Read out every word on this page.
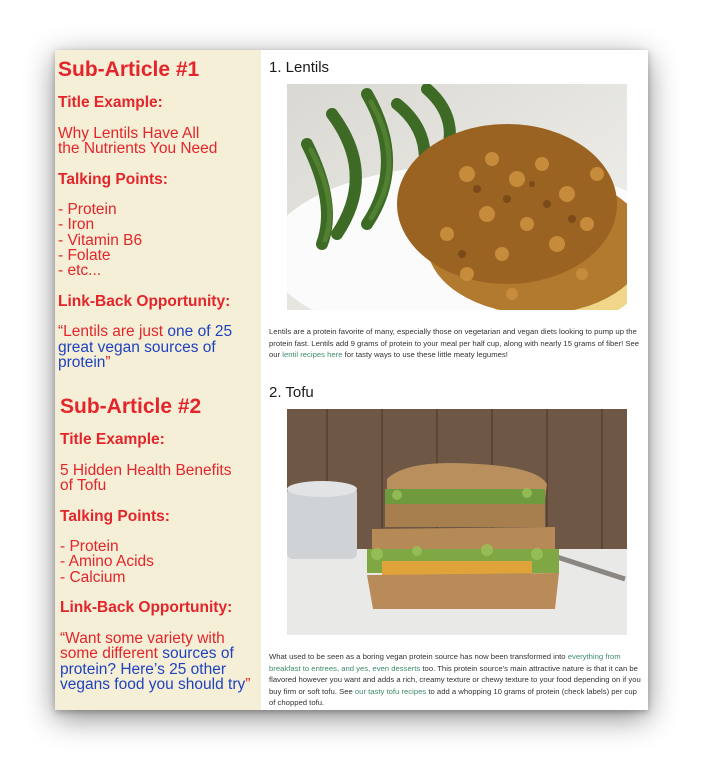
Sub-Article #1
Title Example:
Why Lentils Have All
the Nutrients You Need
Talking Points:
- Protein
- Iron
- Vitamin B6
- Folate
- etc...
Link-Back Opportunity:
“Lentils are just one of 25
great vegan sources of
protein”
Sub-Article #2
Title Example:
5 Hidden Health Benefits
of Tofu
Talking Points:
- Protein
- Amino Acids
- Calcium
Link-Back Opportunity:
“Want some variety with
some different sources of
protein? Here’s 25 other
vegans food you should try”
1. Lentils
Lentils are a protein favorite of many, especially those on vegetarian and vegan diets looking to pump up the protein fast. Lentils add 9 grams of protein to your meal per half cup, along with nearly 15 grams of fiber! See our lentil recipes here for tasty ways to use these little meaty legumes!
2. Tofu
What used to be seen as a boring vegan protein source has now been transformed into everything from breakfast to entrees, and yes, even desserts too. This protein source’s main attractive nature is that it can be flavored however you want and adds a rich, creamy texture or chewy texture to your food depending on if you buy firm or soft tofu. See our tasty tofu recipes to add a whopping 10 grams of protein (check labels) per cup of chopped tofu.
